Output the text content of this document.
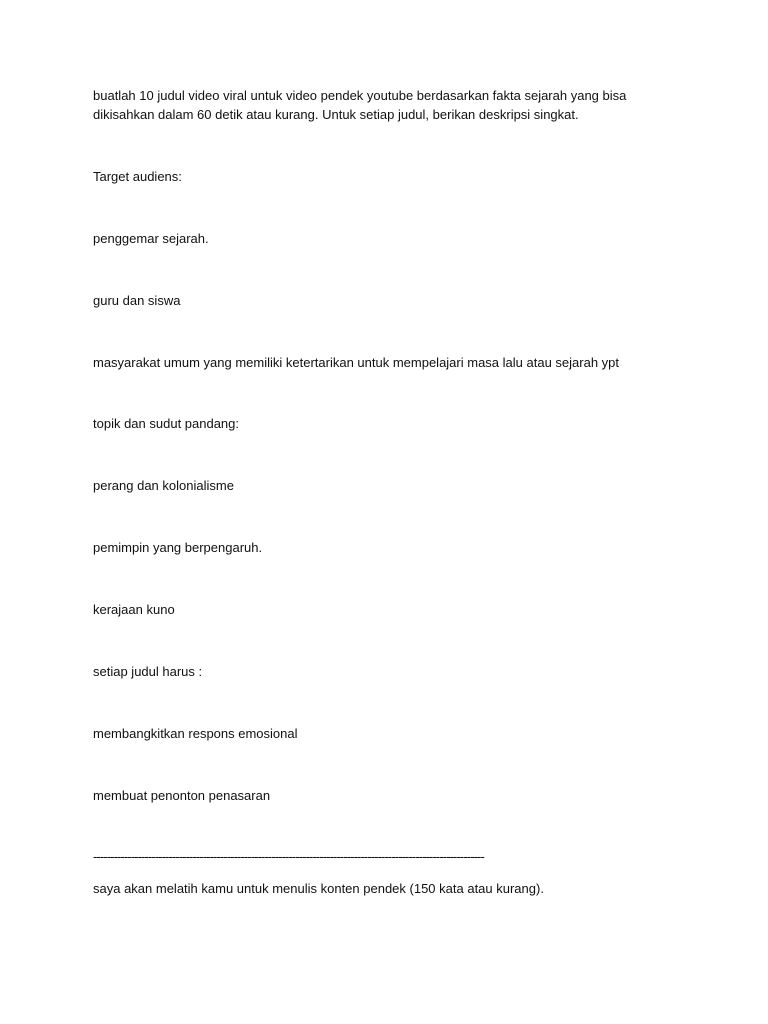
buatlah 10 judul video viral untuk video pendek youtube berdasarkan fakta sejarah yang bisa dikisahkan dalam 60 detik atau kurang. Untuk setiap judul, berikan deskripsi singkat.

Target audiens:

penggemar sejarah.

guru dan siswa

masyarakat umum yang memiliki ketertarikan untuk mempelajari masa lalu atau sejarah ypt

topik dan sudut pandang:

perang dan kolonialisme

pemimpin yang berpengaruh.

kerajaan kuno

setiap judul harus :

membangkitkan respons emosional

membuat penonton penasaran

------------------------------------------------------------------------------------------------------------------

saya akan melatih kamu untuk menulis konten pendek (150 kata atau kurang).
